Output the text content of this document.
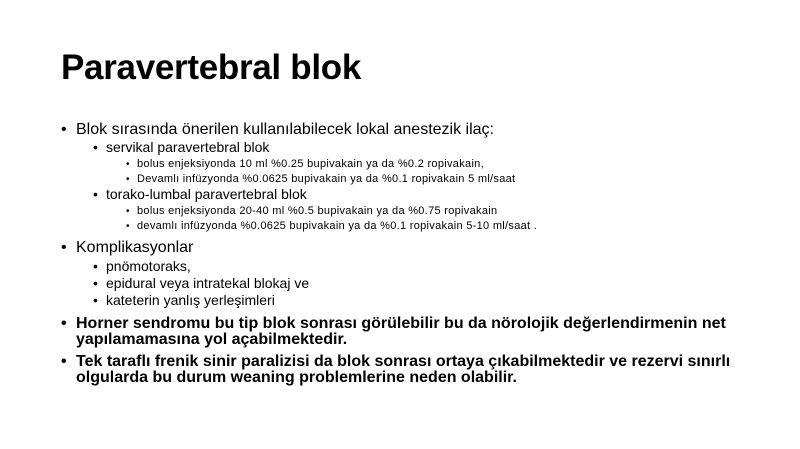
Paravertebral blok
• Blok sırasında önerilen kullanılabilecek lokal anestezik ilaç:
• servikal paravertebral blok
• bolus enjeksiyonda 10 ml %0.25 bupivakain ya da %0.2 ropivakain,
• Devamlı infüzyonda %0.0625 bupivakain ya da %0.1 ropivakain 5 ml/saat
• torako-lumbal paravertebral blok
• bolus enjeksiyonda 20-40 ml %0.5 bupivakain ya da %0.75 ropivakain
• devamlı infüzyonda %0.0625 bupivakain ya da %0.1 ropivakain 5-10 ml/saat .
• Komplikasyonlar
• pnömotoraks,
• epidural veya intratekal blokaj ve
• kateterin yanlış yerleşimleri
• Horner sendromu bu tip blok sonrası görülebilir bu da nörolojik değerlendirmenin net yapılamamasına yol açabilmektedir.
• Tek taraflı frenik sinir paralizisi da blok sonrası ortaya çıkabilmektedir ve rezervi sınırlı olgularda bu durum weaning problemlerine neden olabilir.
